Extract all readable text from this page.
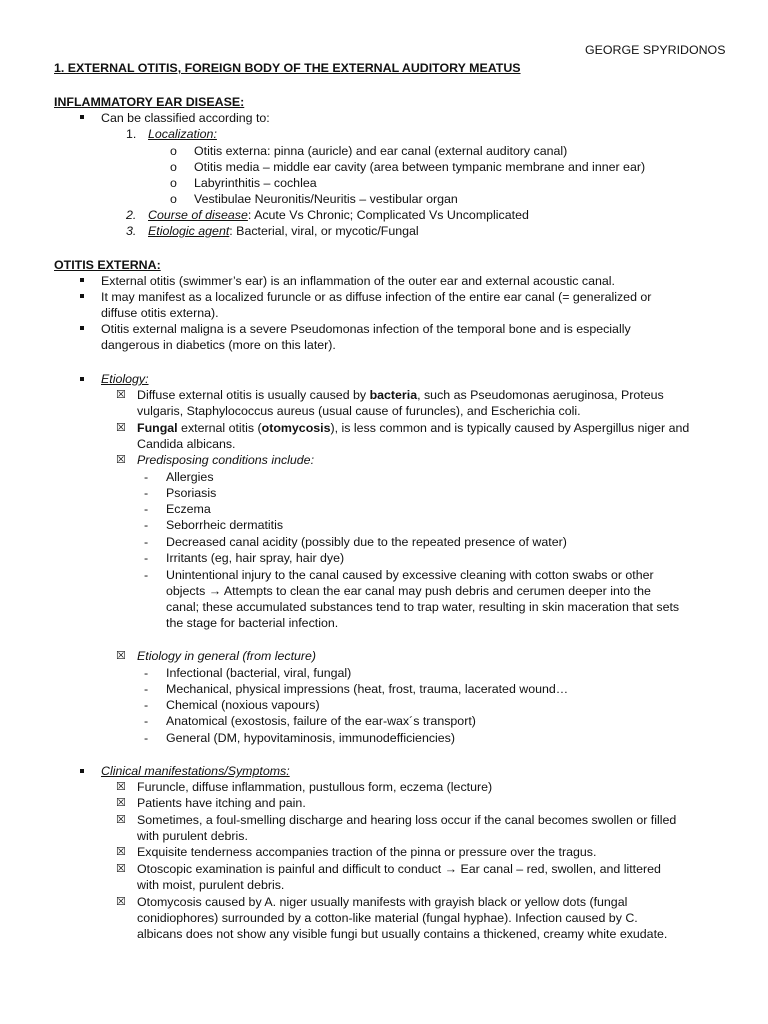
GEORGE SPYRIDONOS
1. EXTERNAL OTITIS, FOREIGN BODY OF THE EXTERNAL AUDITORY MEATUS
INFLAMMATORY EAR DISEASE:
Can be classified according to:
1. Localization:
o Otitis externa: pinna (auricle) and ear canal (external auditory canal)
o Otitis media – middle ear cavity (area between tympanic membrane and inner ear)
o Labyrinthitis – cochlea
o Vestibulae Neuronitis/Neuritis – vestibular organ
2. Course of disease: Acute Vs Chronic; Complicated Vs Uncomplicated
3. Etiologic agent: Bacterial, viral, or mycotic/Fungal
OTITIS EXTERNA:
External otitis (swimmer’s ear) is an inflammation of the outer ear and external acoustic canal.
It may manifest as a localized furuncle or as diffuse infection of the entire ear canal (= generalized or
diffuse otitis externa).
Otitis external maligna is a severe Pseudomonas infection of the temporal bone and is especially
dangerous in diabetics (more on this later).
Etiology:
☒ Diffuse external otitis is usually caused by bacteria, such as Pseudomonas aeruginosa, Proteus
vulgaris, Staphylococcus aureus (usual cause of furuncles), and Escherichia coli.
☒ Fungal external otitis (otomycosis), is less common and is typically caused by Aspergillus niger and
Candida albicans.
☒ Predisposing conditions include:
- Allergies
- Psoriasis
- Eczema
- Seborrheic dermatitis
- Decreased canal acidity (possibly due to the repeated presence of water)
- Irritants (eg, hair spray, hair dye)
- Unintentional injury to the canal caused by excessive cleaning with cotton swabs or other
objects → Attempts to clean the ear canal may push debris and cerumen deeper into the
canal; these accumulated substances tend to trap water, resulting in skin maceration that sets
the stage for bacterial infection.
☒ Etiology in general (from lecture)
- Infectional (bacterial, viral, fungal)
- Mechanical, physical impressions (heat, frost, trauma, lacerated wound…
- Chemical (noxious vapours)
- Anatomical (exostosis, failure of the ear-wax´s transport)
- General (DM, hypovitaminosis, immunodefficiencies)
Clinical manifestations/Symptoms:
☒ Furuncle, diffuse inflammation, pustullous form, eczema (lecture)
☒ Patients have itching and pain.
☒ Sometimes, a foul-smelling discharge and hearing loss occur if the canal becomes swollen or filled
with purulent debris.
☒ Exquisite tenderness accompanies traction of the pinna or pressure over the tragus.
☒ Otoscopic examination is painful and difficult to conduct → Ear canal – red, swollen, and littered
with moist, purulent debris.
☒ Otomycosis caused by A. niger usually manifests with grayish black or yellow dots (fungal
conidiophores) surrounded by a cotton-like material (fungal hyphae). Infection caused by C.
albicans does not show any visible fungi but usually contains a thickened, creamy white exudate.
